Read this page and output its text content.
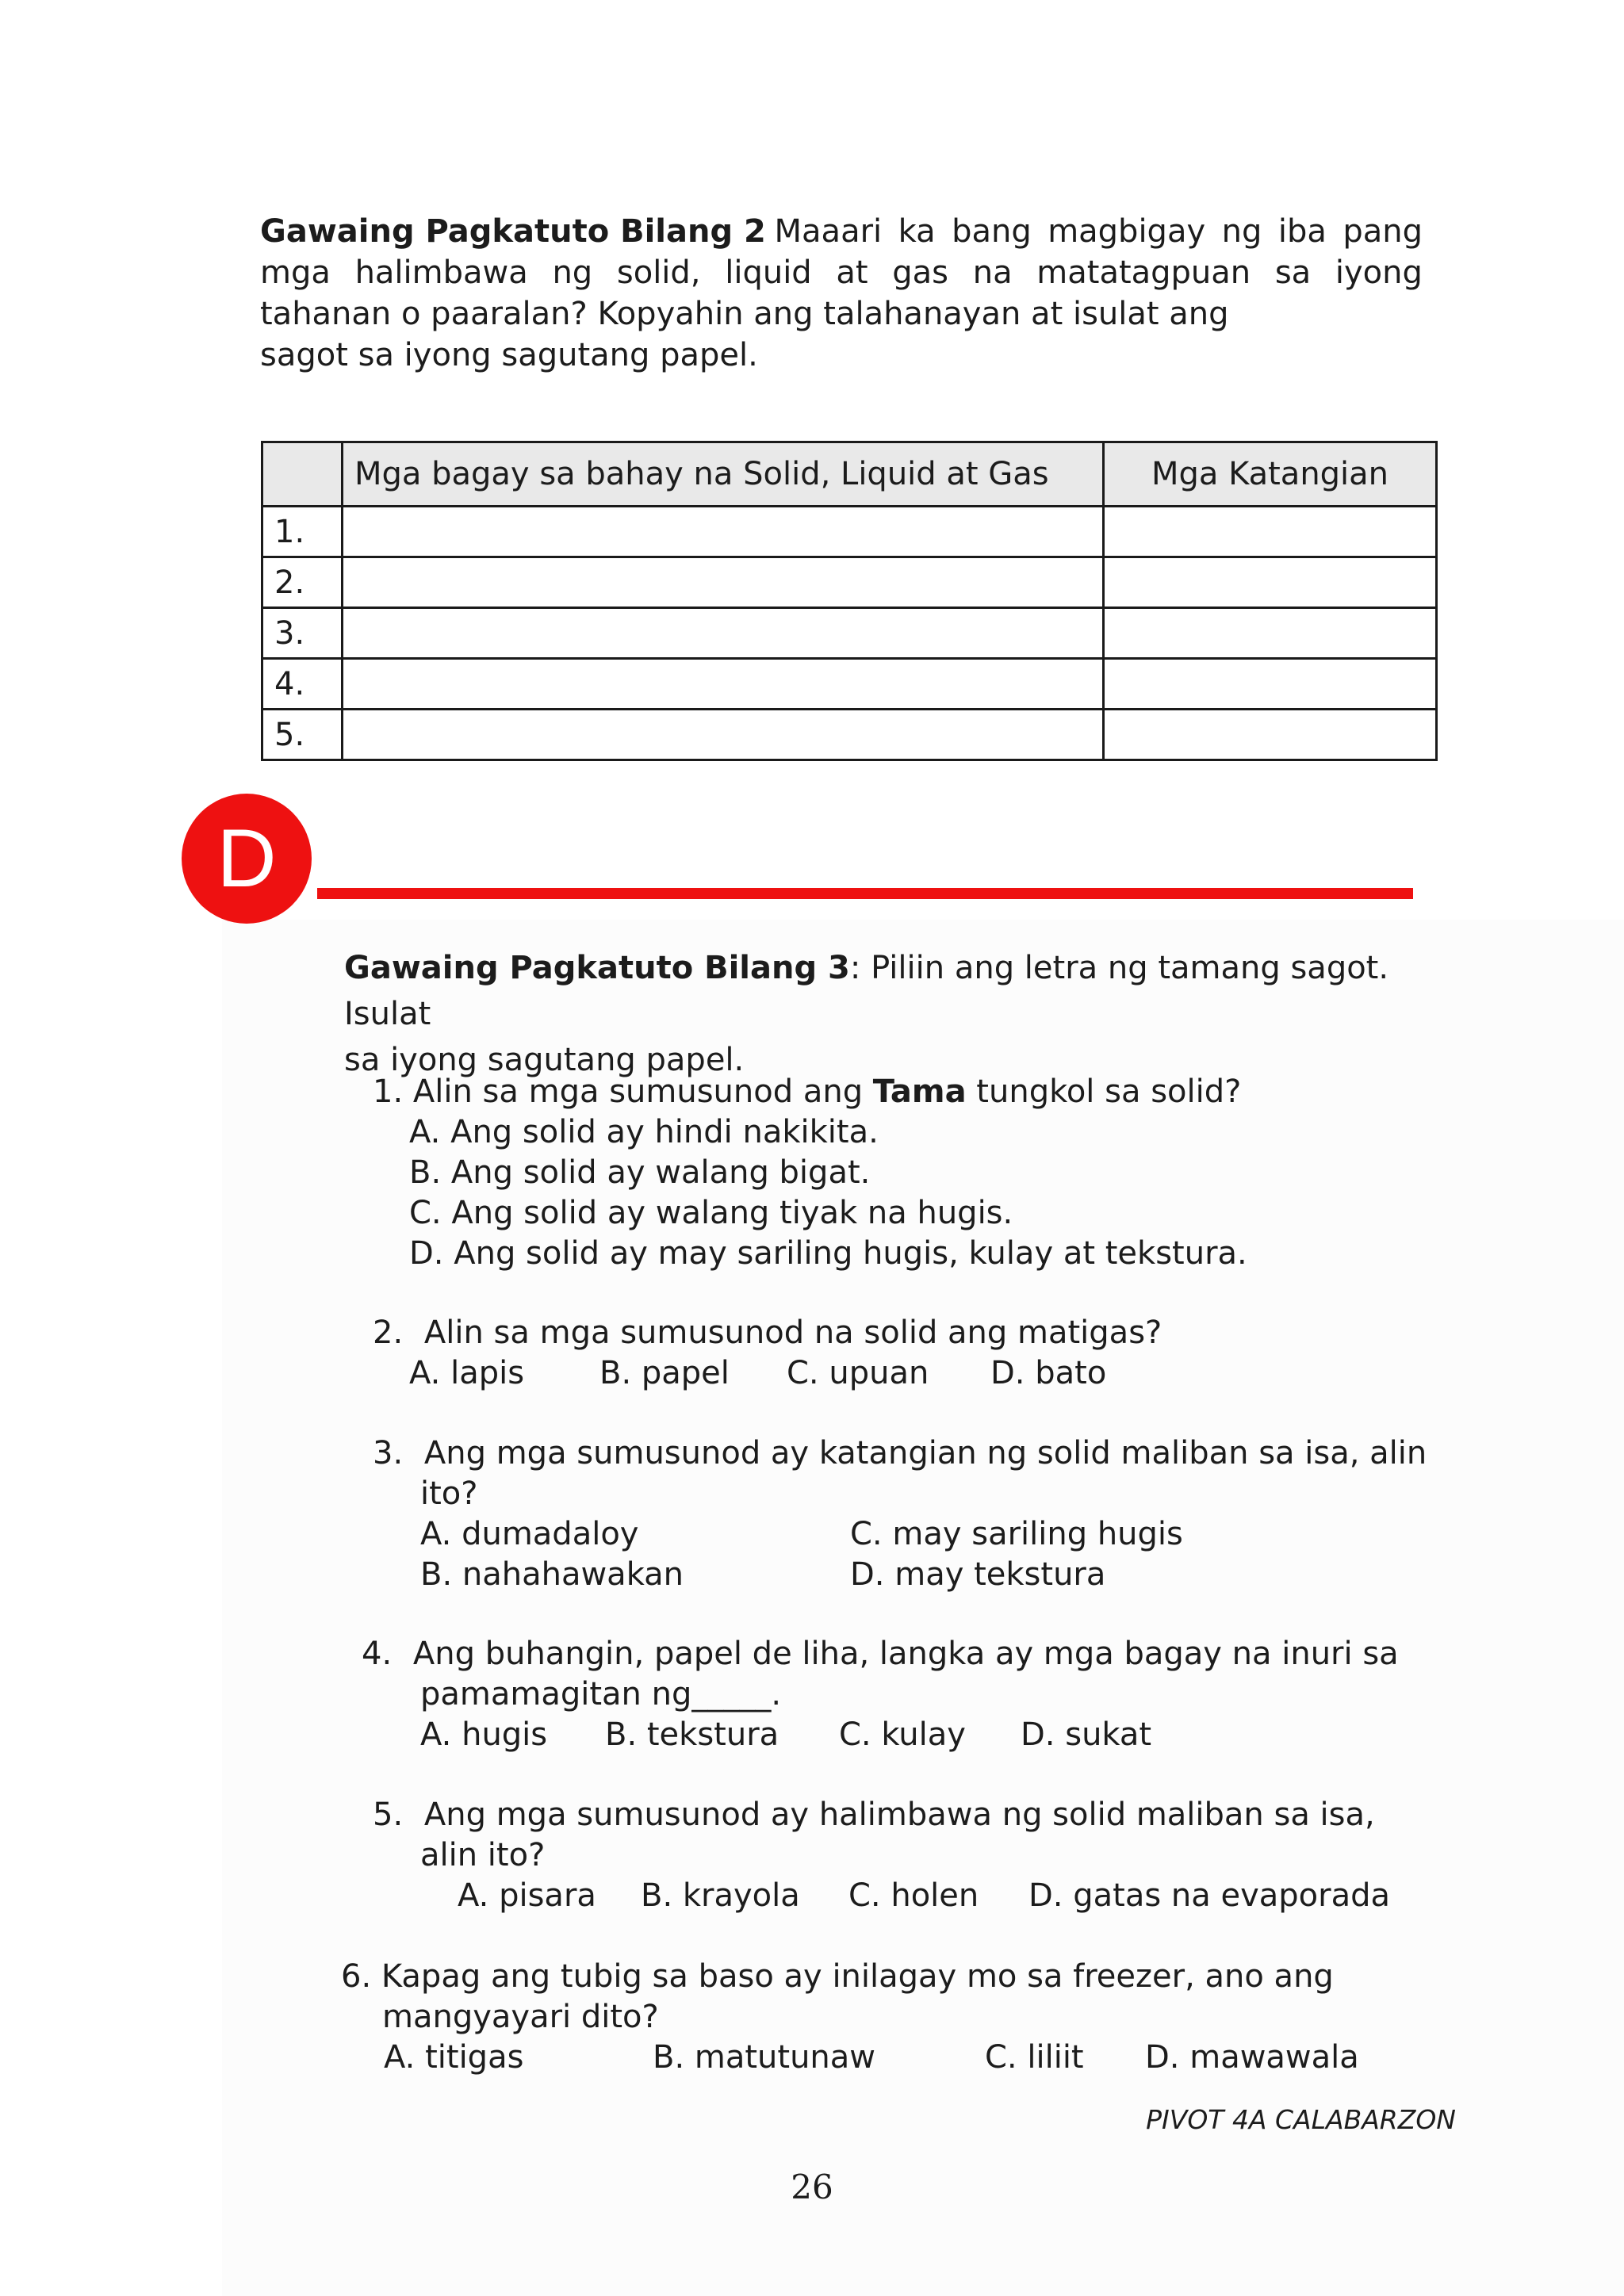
Gawaing Pagkatuto Bilang 2
: Maaari ka bang magbigay ng iba pang
mga halimbawa ng solid, liquid at gas na matatagpuan sa iyong
tahanan o paaralan? Kopyahin ang talahanayan at isulat ang
sagot sa iyong sagutang papel.
	Mga bagay sa bahay na Solid, Liquid at Gas	Mga Katangian
1.		
2.		
3.		
4.		
5.		
D
Gawaing Pagkatuto Bilang 3: Piliin ang letra ng tamang sagot. Isulat
sa iyong sagutang papel.
1. Alin sa mga sumusunod ang Tama tungkol sa solid?
A. Ang solid ay hindi nakikita.
B. Ang solid ay walang bigat.
C. Ang solid ay walang tiyak na hugis.
D. Ang solid ay may sariling hugis, kulay at tekstura.
2. Alin sa mga sumusunod na solid ang matigas?
A. lapis B. papel C. upuan D. bato
3. Ang mga sumusunod ay katangian ng solid maliban sa isa, alin
ito?
A. dumadaloy	C. may sariling hugis
B. nahahawakan	D. may tekstura
4. Ang buhangin, papel de liha, langka ay mga bagay na inuri sa
pamamagitan ng_____.
A. hugis B. tekstura C. kulay D. sukat
5. Ang mga sumusunod ay halimbawa ng solid maliban sa isa,
alin ito?
A. pisara B. krayola C. holen D. gatas na evaporada
6. Kapag ang tubig sa baso ay inilagay mo sa freezer, ano ang
mangyayari dito?
A. titigas	B. matutunaw	C. liliit D. mawawala
PIVOT 4A CALABARZON
26
